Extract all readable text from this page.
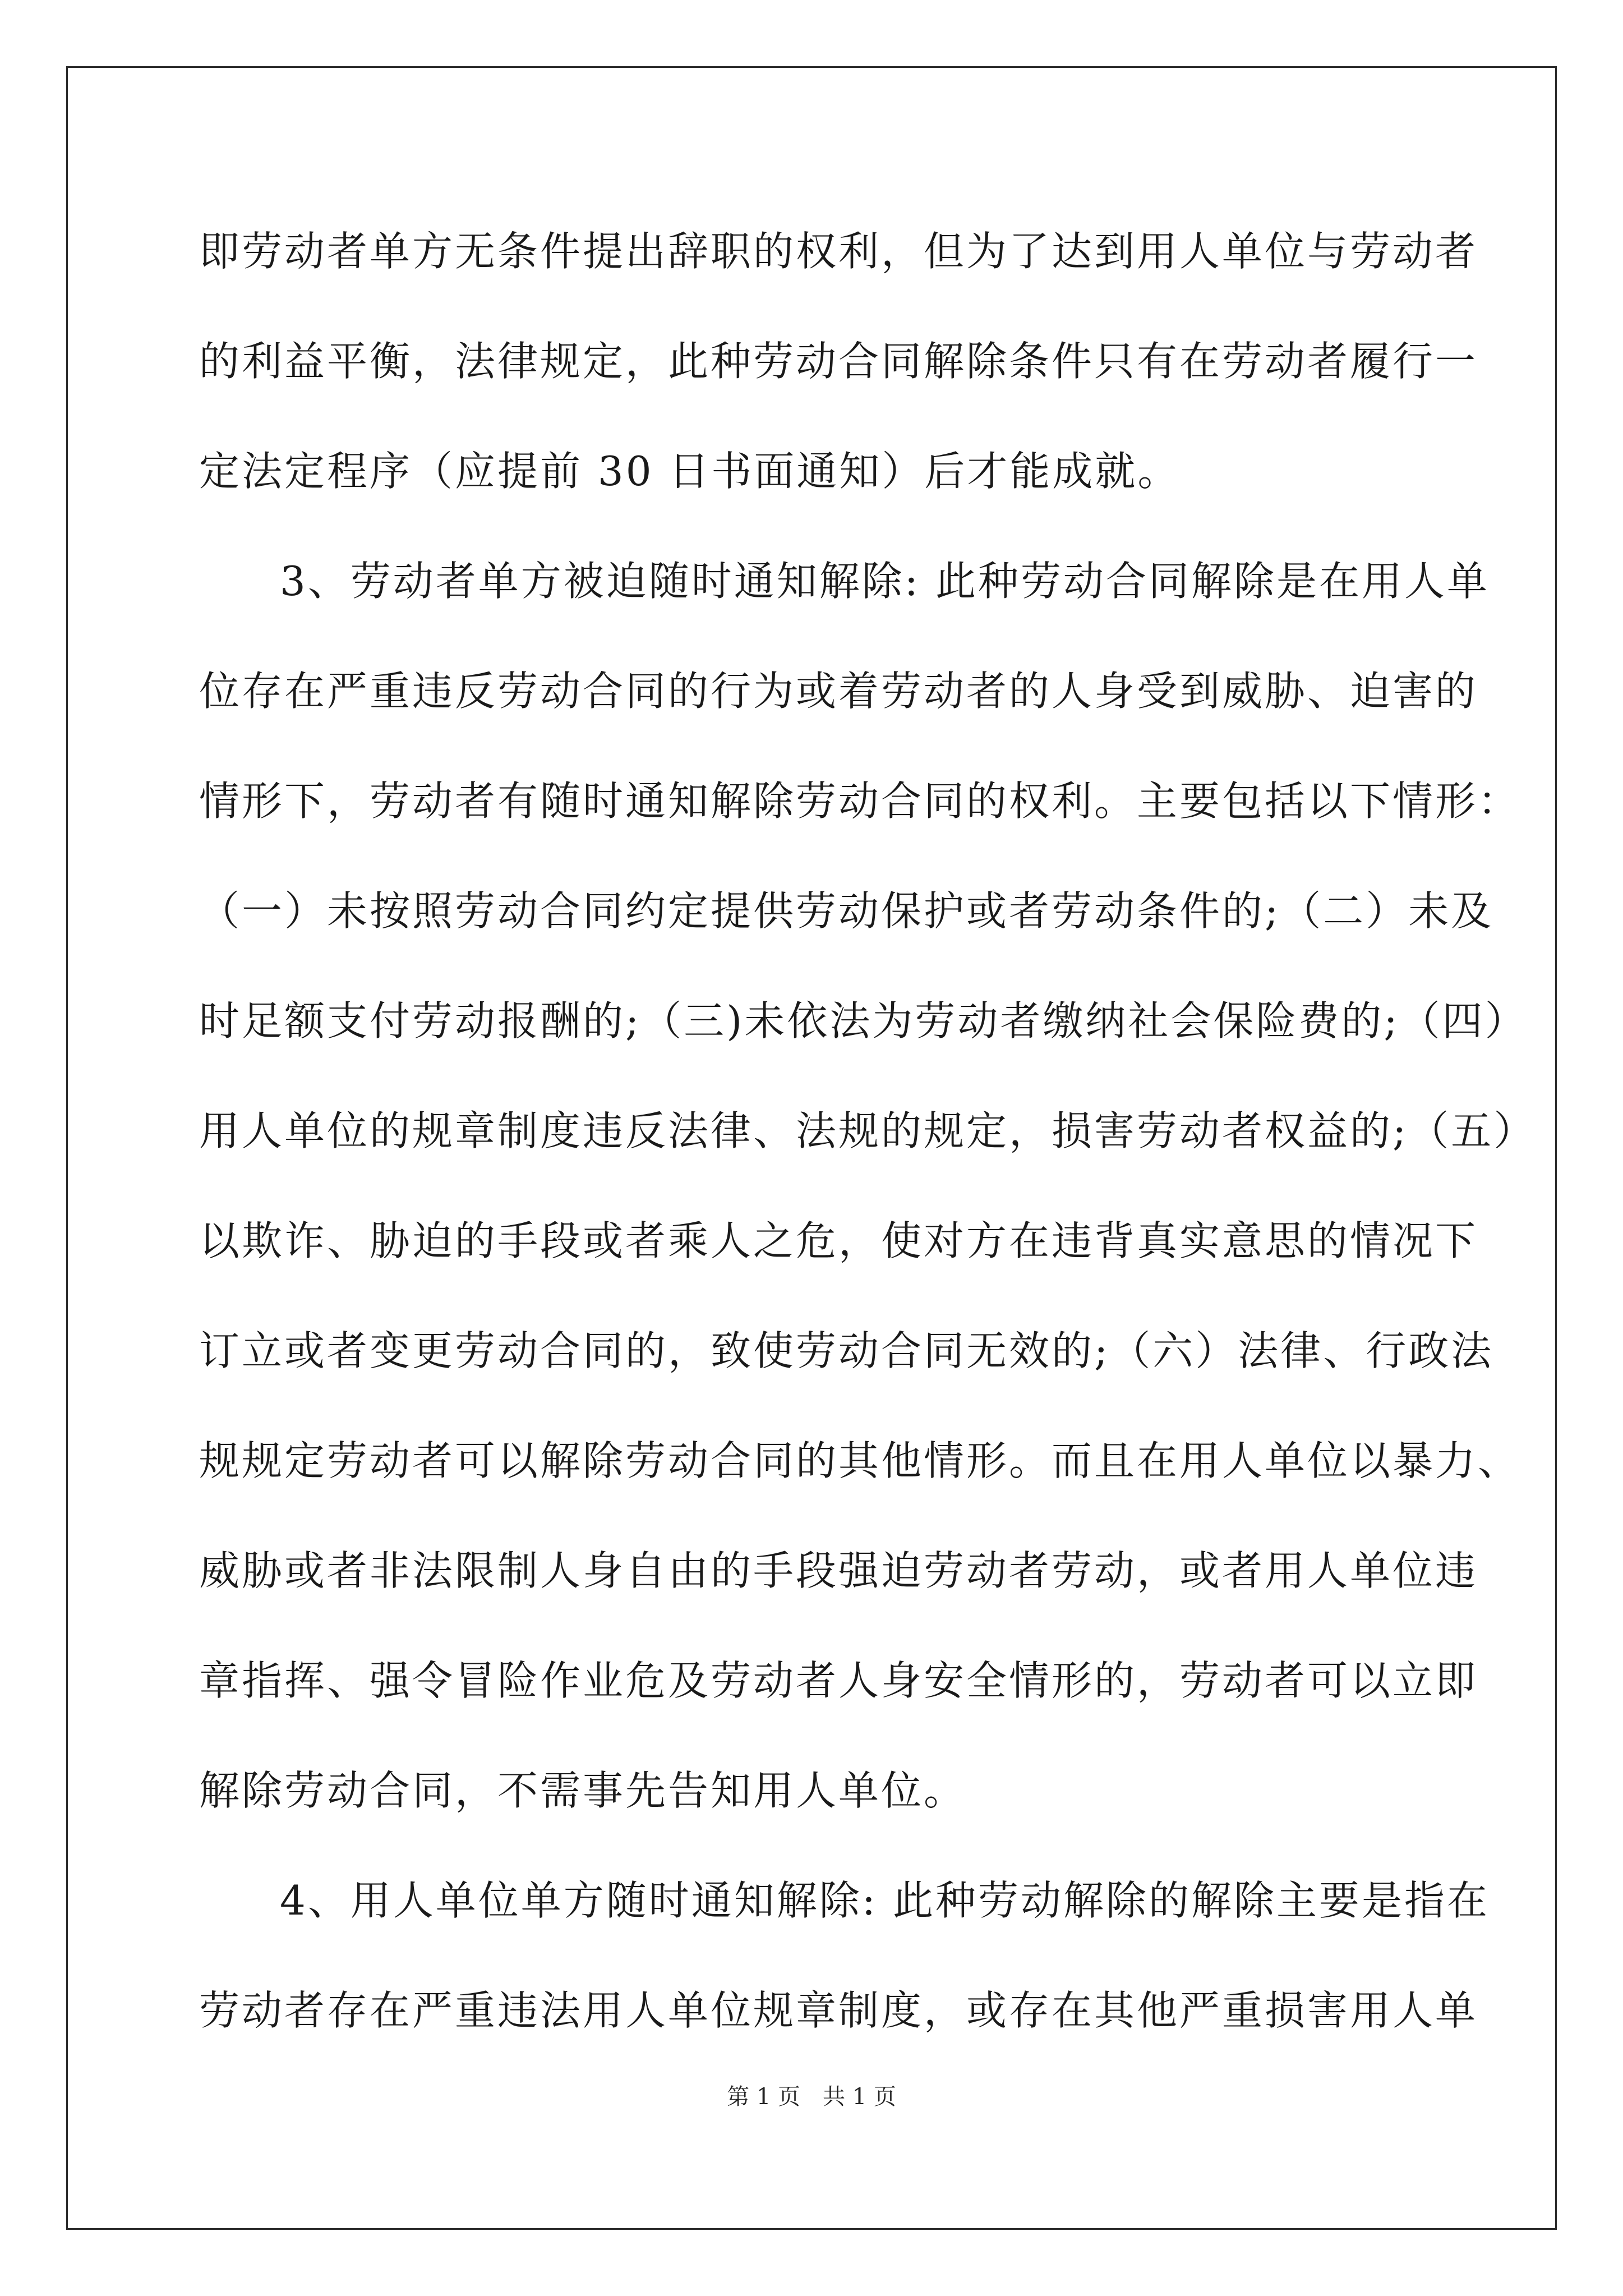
即劳动者单方无条件提出辞职的权利，但为了达到用人单位与劳动者
的利益平衡，法律规定，此种劳动合同解除条件只有在劳动者履行一
定法定程序（应提前 30 日书面通知）后才能成就。
3、劳动者单方被迫随时通知解除: 此种劳动合同解除是在用人单
位存在严重违反劳动合同的行为或着劳动者的人身受到威胁、迫害的
情形下，劳动者有随时通知解除劳动合同的权利。主要包括以下情形：
（一）未按照劳动合同约定提供劳动保护或者劳动条件的;（二）未及
时足额支付劳动报酬的;（三)未依法为劳动者缴纳社会保险费的;（四）
用人单位的规章制度违反法律、法规的规定，损害劳动者权益的;（五）
以欺诈、胁迫的手段或者乘人之危，使对方在违背真实意思的情况下
订立或者变更劳动合同的，致使劳动合同无效的;（六）法律、行政法
规规定劳动者可以解除劳动合同的其他情形。而且在用人单位以暴力、
威胁或者非法限制人身自由的手段强迫劳动者劳动，或者用人单位违
章指挥、强令冒险作业危及劳动者人身安全情形的，劳动者可以立即
解除劳动合同，不需事先告知用人单位。
4、用人单位单方随时通知解除: 此种劳动解除的解除主要是指在
劳动者存在严重违法用人单位规章制度，或存在其他严重损害用人单
第 1 页 共 1 页
